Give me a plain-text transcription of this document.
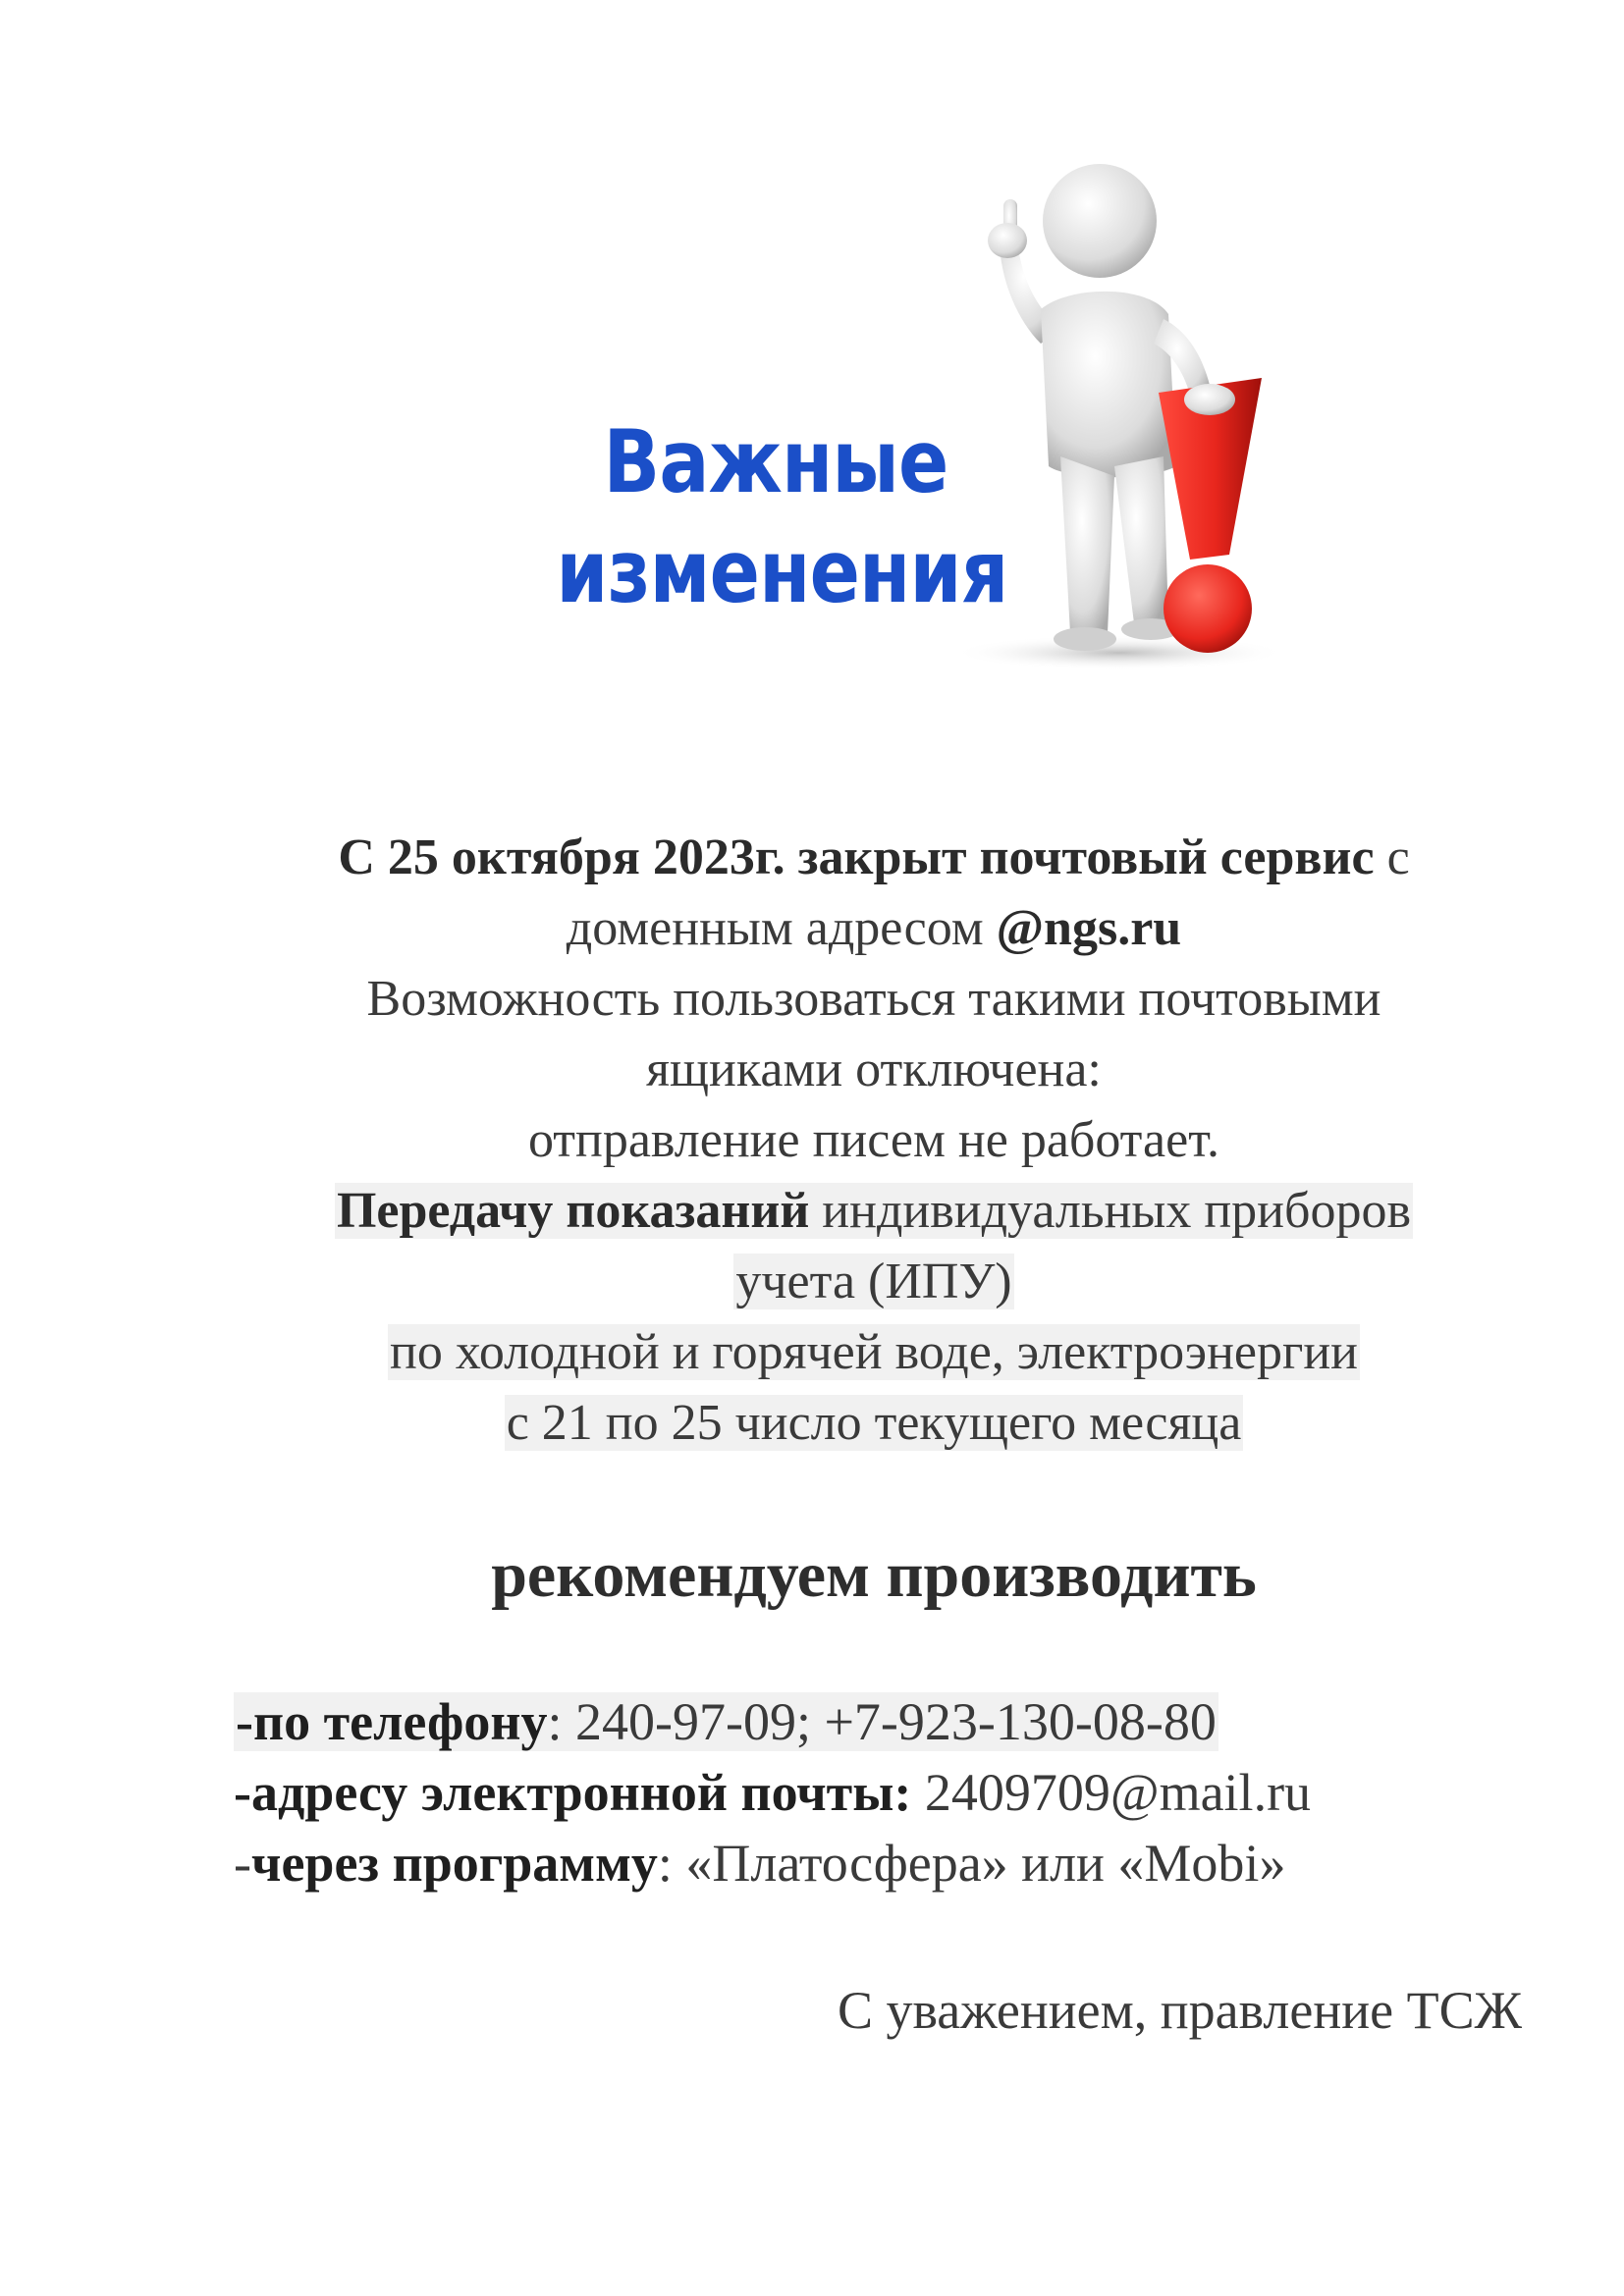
Важные
изменения
С 25 октября 2023г. закрыт почтовый сервис с
доменным адресом @ngs.ru
Возможность пользоваться такими почтовыми
ящиками отключена:
отправление писем не работает.
Передачу показаний индивидуальных приборов
учета (ИПУ)
по холодной и горячей воде, электроэнергии
с 21 по 25 число текущего месяца
рекомендуем производить
-по телефону: 240-97-09; +7-923-130-08-80
-адресу электронной почты: 2409709@mail.ru
-через программу: «Платосфера» или «Mobi»
С уважением, правление ТСЖ
